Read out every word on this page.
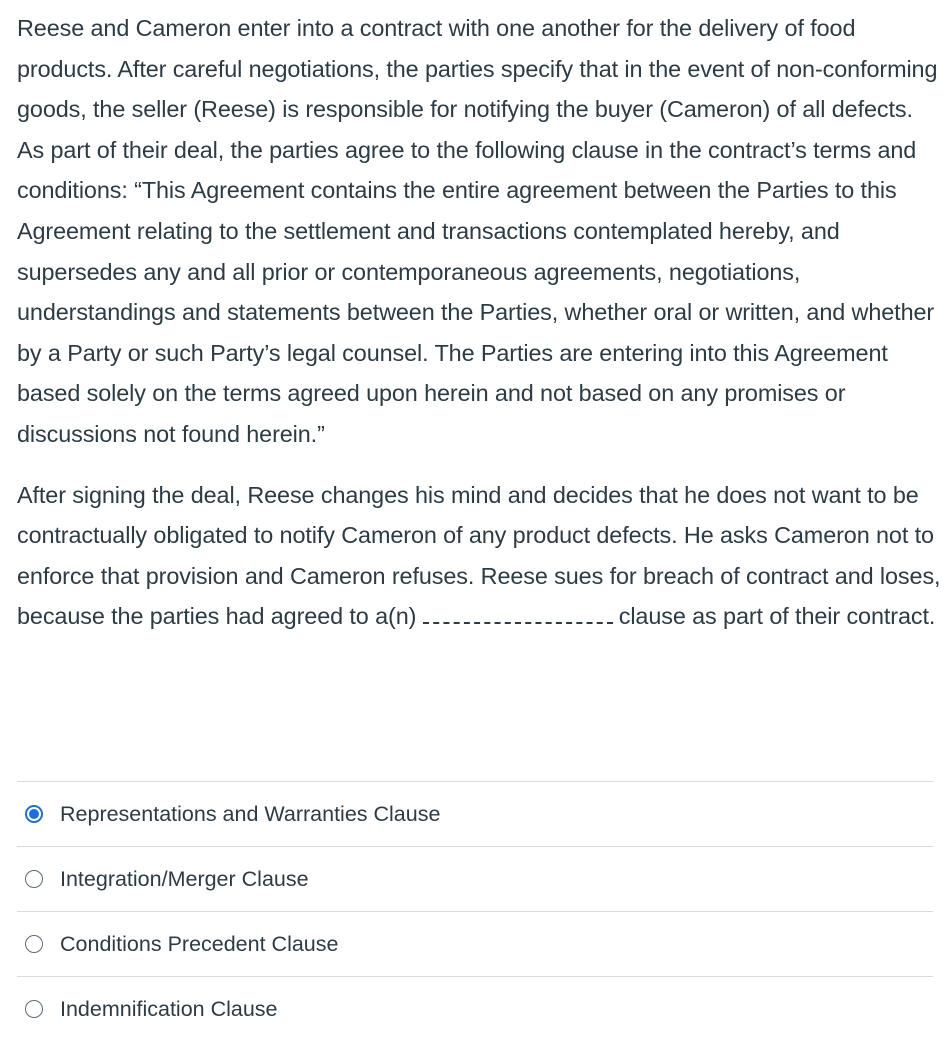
Reese and Cameron enter into a contract with one another for the delivery of food products. After careful negotiations, the parties specify that in the event of non-conforming goods, the seller (Reese) is responsible for notifying the buyer (Cameron) of all defects. As part of their deal, the parties agree to the following clause in the contract’s terms and conditions: “This Agreement contains the entire agreement between the Parties to this Agreement relating to the settlement and transactions contemplated hereby, and supersedes any and all prior or contemporaneous agreements, negotiations, understandings and statements between the Parties, whether oral or written, and whether by a Party or such Party’s legal counsel. The Parties are entering into this Agreement based solely on the terms agreed upon herein and not based on any promises or discussions not found herein.”

After signing the deal, Reese changes his mind and decides that he does not want to be contractually obligated to notify Cameron of any product defects. He asks Cameron not to enforce that provision and Cameron refuses. Reese sues for breach of contract and loses, because the parties had agreed to a(n)	clause as part of their contract.

Representations and Warranties Clause
Integration/Merger Clause
Conditions Precedent Clause
Indemnification Clause
